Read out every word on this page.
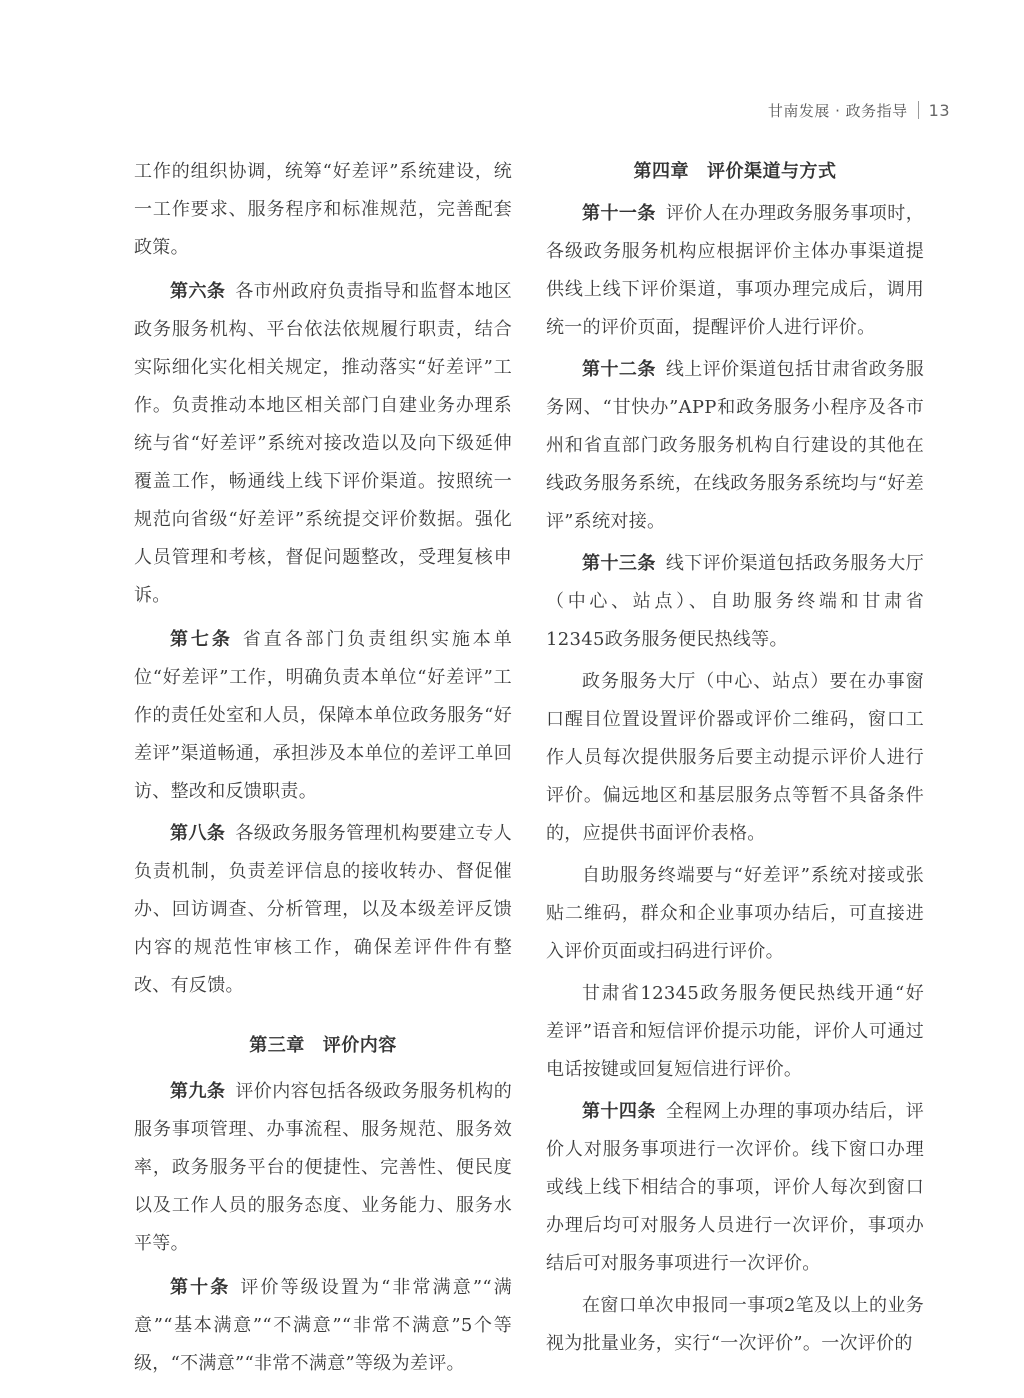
甘南发展 · 政务指导 13

工作的组织协调，统筹“好差评”系统建设，统一工作要求、服务程序和标准规范，完善配套政策。

第六条 各市州政府负责指导和监督本地区政务服务机构、平台依法依规履行职责，结合实际细化实化相关规定，推动落实“好差评”工作。负责推动本地区相关部门自建业务办理系统与省“好差评”系统对接改造以及向下级延伸覆盖工作，畅通线上线下评价渠道。按照统一规范向省级“好差评”系统提交评价数据。强化人员管理和考核，督促问题整改，受理复核申诉。

第七条 省直各部门负责组织实施本单位“好差评”工作，明确负责本单位“好差评”工作的责任处室和人员，保障本单位政务服务“好差评”渠道畅通，承担涉及本单位的差评工单回访、整改和反馈职责。

第八条 各级政务服务管理机构要建立专人负责机制，负责差评信息的接收转办、督促催办、回访调查、分析管理，以及本级差评反馈内容的规范性审核工作，确保差评件件有整改、有反馈。

第三章 评价内容

第九条 评价内容包括各级政务服务机构的服务事项管理、办事流程、服务规范、服务效率，政务服务平台的便捷性、完善性、便民度以及工作人员的服务态度、业务能力、服务水平等。

第十条 评价等级设置为“非常满意”“满意”“基本满意”“不满意”“非常不满意”5个等级，“不满意”“非常不满意”等级为差评。

第四章 评价渠道与方式

第十一条 评价人在办理政务服务事项时，各级政务服务机构应根据评价主体办事渠道提供线上线下评价渠道，事项办理完成后，调用统一的评价页面，提醒评价人进行评价。

第十二条 线上评价渠道包括甘肃省政务服务网、“甘快办”APP和政务服务小程序及各市州和省直部门政务服务机构自行建设的其他在线政务服务系统，在线政务服务系统均与“好差评”系统对接。

第十三条 线下评价渠道包括政务服务大厅（中心、站点）、自助服务终端和甘肃省12345政务服务便民热线等。

政务服务大厅（中心、站点）要在办事窗口醒目位置设置评价器或评价二维码，窗口工作人员每次提供服务后要主动提示评价人进行评价。偏远地区和基层服务点等暂不具备条件的，应提供书面评价表格。

自助服务终端要与“好差评”系统对接或张贴二维码，群众和企业事项办结后，可直接进入评价页面或扫码进行评价。

甘肃省12345政务服务便民热线开通“好差评”语音和短信评价提示功能，评价人可通过电话按键或回复短信进行评价。

第十四条 全程网上办理的事项办结后，评价人对服务事项进行一次评价。线下窗口办理或线上线下相结合的事项，评价人每次到窗口办理后均可对服务人员进行一次评价，事项办结后可对服务事项进行一次评价。

在窗口单次申报同一事项2笔及以上的业务视为批量业务，实行“一次评价”。一次评价的
